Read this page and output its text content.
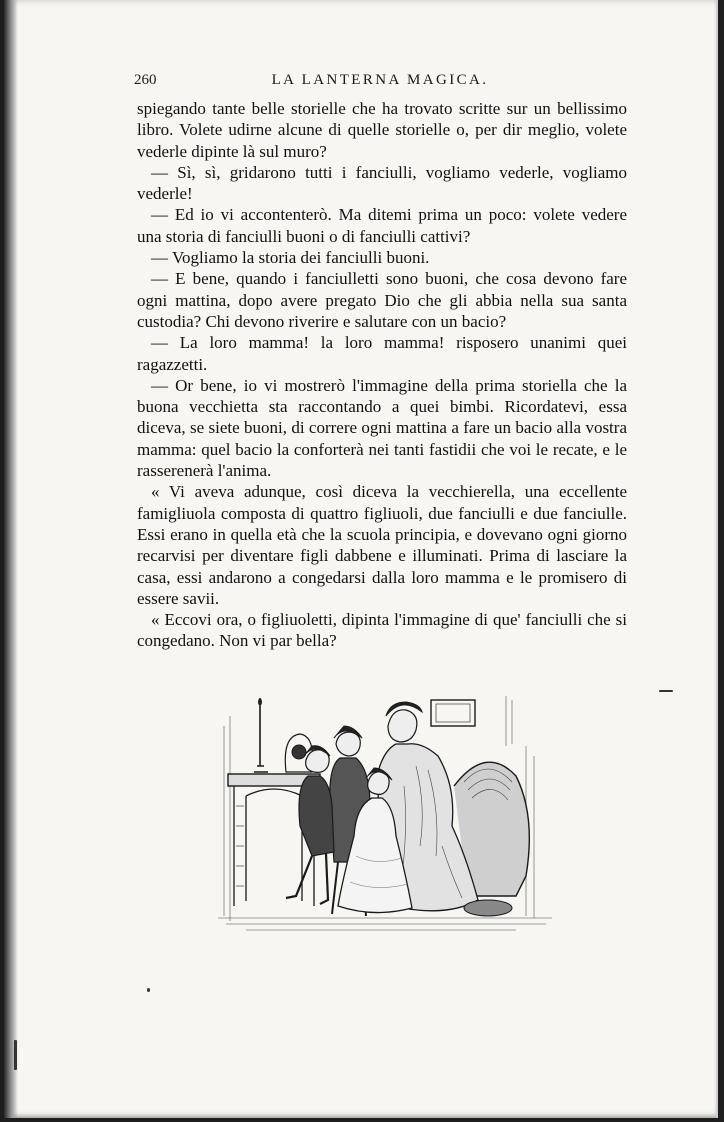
260	LA LANTERNA MAGICA.

spiegando tante belle storielle che ha trovato scritte sur un bellissimo libro. Volete udirne alcune di quelle storielle o, per dir meglio, volete vederle dipinte là sul muro?

— Sì, sì, gridarono tutti i fanciulli, vogliamo vederle, vogliamo vederle!

— Ed io vi accontenterò. Ma ditemi prima un poco: volete vedere una storia di fanciulli buoni o di fanciulli cattivi?

— Vogliamo la storia dei fanciulli buoni.

— E bene, quando i fanciulletti sono buoni, che cosa devono fare ogni mattina, dopo avere pregato Dio che gli abbia nella sua santa custodia? Chi devono riverire e salutare con un bacio?

— La loro mamma! la loro mamma! risposero unanimi quei ragazzetti.

— Or bene, io vi mostrerò l'immagine della prima storiella che la buona vecchietta sta raccontando a quei bimbi. Ricordatevi, essa diceva, se siete buoni, di correre ogni mattina a fare un bacio alla vostra mamma: quel bacio la conforterà nei tanti fastidii che voi le recate, e le rasserenerà l'anima.

« Vi aveva adunque, così diceva la vecchierella, una eccellente famigliuola composta di quattro figliuoli, due fanciulli e due fanciulle. Essi erano in quella età che la scuola principia, e dovevano ogni giorno recarvisi per diventare figli dabbene e illuminati. Prima di lasciare la casa, essi andarono a congedarsi dalla loro mamma e le promisero di essere savii.

« Eccovi ora, o figliuoletti, dipinta l'immagine di que' fanciulli che si congedano. Non vi par bella?
